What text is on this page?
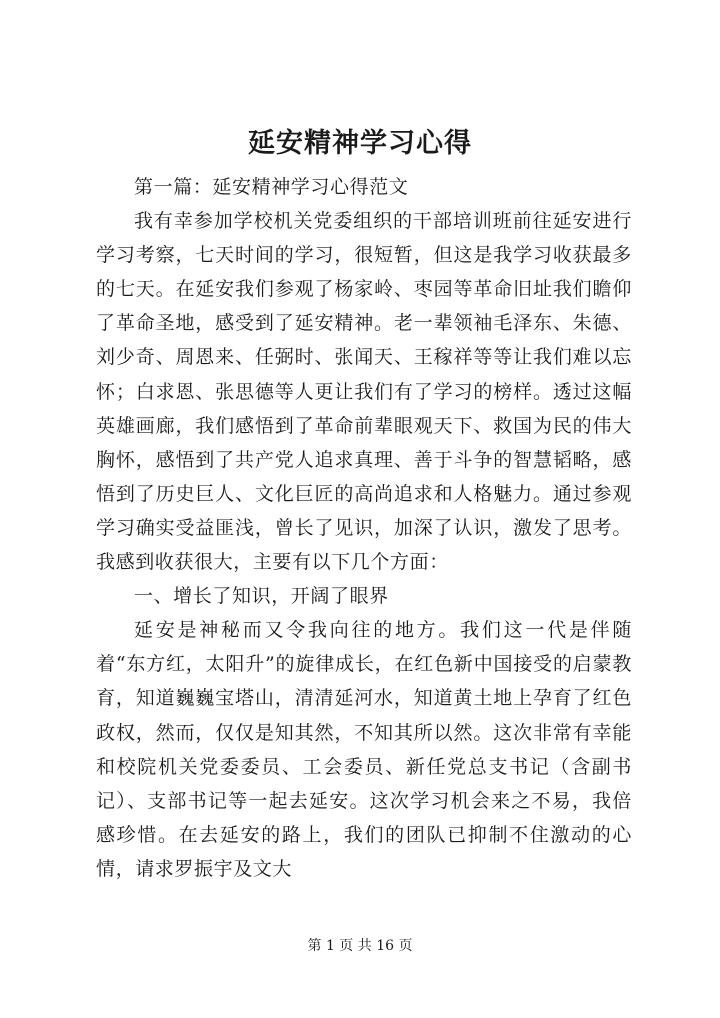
延安精神学习心得

第一篇：延安精神学习心得范文

我有幸参加学校机关党委组织的干部培训班前往延安进行学习考察，七天时间的学习，很短暂，但这是我学习收获最多的七天。在延安我们参观了杨家岭、枣园等革命旧址我们瞻仰了革命圣地，感受到了延安精神。老一辈领袖毛泽东、朱德、刘少奇、周恩来、任弼时、张闻天、王稼祥等等让我们难以忘怀；白求恩、张思德等人更让我们有了学习的榜样。透过这幅英雄画廊，我们感悟到了革命前辈眼观天下、救国为民的伟大胸怀，感悟到了共产党人追求真理、善于斗争的智慧韬略，感悟到了历史巨人、文化巨匠的高尚追求和人格魅力。通过参观学习确实受益匪浅，曾长了见识，加深了认识，激发了思考。我感到收获很大，主要有以下几个方面：

一、增长了知识，开阔了眼界

延安是神秘而又令我向往的地方。我们这一代是伴随着“东方红，太阳升”的旋律成长，在红色新中国接受的启蒙教育，知道巍巍宝塔山，清清延河水，知道黄土地上孕育了红色政权，然而，仅仅是知其然，不知其所以然。这次非常有幸能和校院机关党委委员、工会委员、新任党总支书记（含副书记）、支部书记等一起去延安。这次学习机会来之不易，我倍感珍惜。在去延安的路上，我们的团队已抑制不住激动的心情，请求罗振宇及文大

第 1 页 共 16 页
